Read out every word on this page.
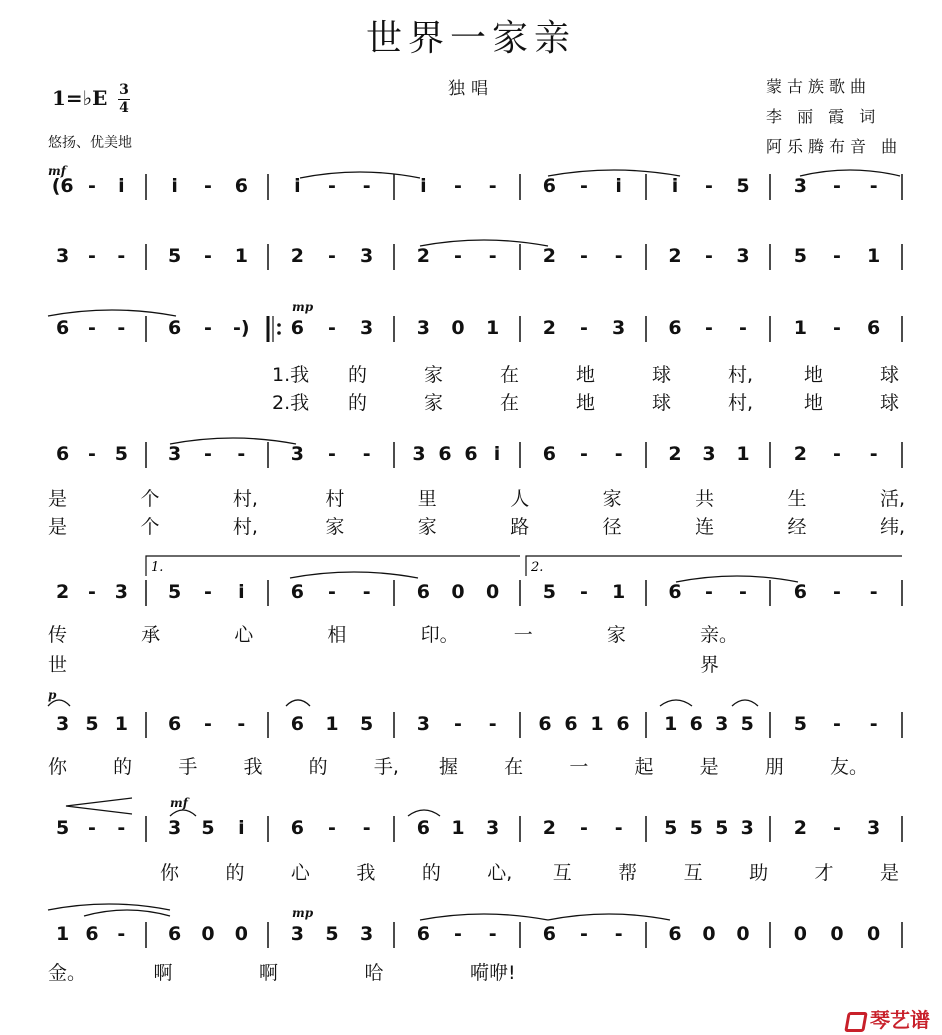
世界一家亲
独唱	蒙古族歌曲
李 丽 霞 词
阿乐腾布音 曲
1=♭E 3
4
悠扬、优美地
mf
mp
p
mf
mp
(6 - i i - 6 i - -	i - - 6 - i	i - 5 3 - -
3 - - 5 - 1 2 - 3 2 - - 2 - - 2 - 3 5 - 1
6 - - 6 - -) 6 - 3 3 0 1 2 - 3 6 - - 1 - 6
6 - 5 3 - - 3 - - 3 6 6 i 6 - - 2 3 1 2 - -
2 - 3 5 - i 6 - - 6 0 0 5 - 1 6 - - 6 - -
3 5 1 6 - - 6 1 5 3 - - 6 6 1 6 1 6 3 5 5 - -
5 - - 3 5 i 6 - - 6 1 3 2 - - 5 5 5 3 2 - 3
1 6 - 6 0 0 3 5 3 6 - - 6 - - 6 0 0 0 0 0
1.	2.
1.我 的	家	在	地	球	村,	地	球
2.我 的	家	在	地	球	村,	地	球
是	个	村,	村	里	人	家	共	生	活,
是	个	村,	家	家	路	径	连	经	纬,
传	承	心	相	印。	一	家	亲。
世	界
你 的 手 我 的 手, 握 在 一 起 是 朋 友。
你 的 心 我 的 心, 互 帮 互 助 才 是
金。	啊	啊	哈	嗬咿!
琴艺谱
